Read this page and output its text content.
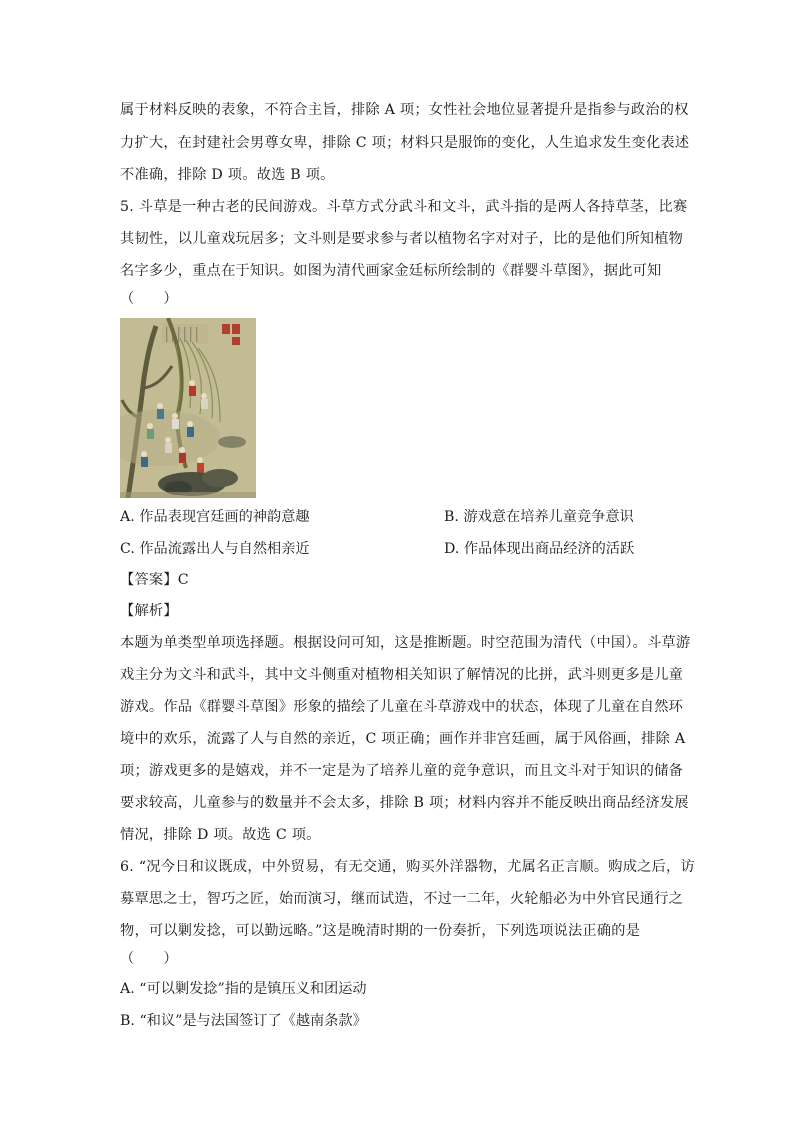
属于材料反映的表象，不符合主旨，排除 A 项；女性社会地位显著提升是指参与政治的权
力扩大，在封建社会男尊女卑，排除 C 项；材料只是服饰的变化，人生追求发生变化表述
不准确，排除 D 项。故选 B 项。
5. 斗草是一种古老的民间游戏。斗草方式分武斗和文斗，武斗指的是两人各持草茎，比赛
其韧性，以儿童戏玩居多；文斗则是要求参与者以植物名字对对子，比的是他们所知植物
名字多少，重点在于知识。如图为清代画家金廷标所绘制的《群婴斗草图》，据此可知
（　　）
A. 作品表现宫廷画的神韵意趣	B. 游戏意在培养儿童竞争意识
C. 作品流露出人与自然相亲近	D. 作品体现出商品经济的活跃
【答案】C
【解析】
本题为单类型单项选择题。根据设问可知，这是推断题。时空范围为清代（中国）。斗草游
戏主分为文斗和武斗，其中文斗侧重对植物相关知识了解情况的比拼，武斗则更多是儿童
游戏。作品《群婴斗草图》形象的描绘了儿童在斗草游戏中的状态，体现了儿童在自然环
境中的欢乐，流露了人与自然的亲近，C 项正确；画作并非宫廷画，属于风俗画，排除 A
项；游戏更多的是嬉戏，并不一定是为了培养儿童的竞争意识，而且文斗对于知识的储备
要求较高，儿童参与的数量并不会太多，排除 B 项；材料内容并不能反映出商品经济发展
情况，排除 D 项。故选 C 项。
6. “况今日和议既成，中外贸易，有无交通，购买外洋器物，尤属名正言顺。购成之后，访
募覃思之士，智巧之匠，始而演习，继而试造，不过一二年，火轮船必为中外官民通行之
物，可以剿发捻，可以勤远略。”这是晚清时期的一份奏折，下列选项说法正确的是
（　　）
A. “可以剿发捻”指的是镇压义和团运动
B. “和议”是与法国签订了《越南条款》
